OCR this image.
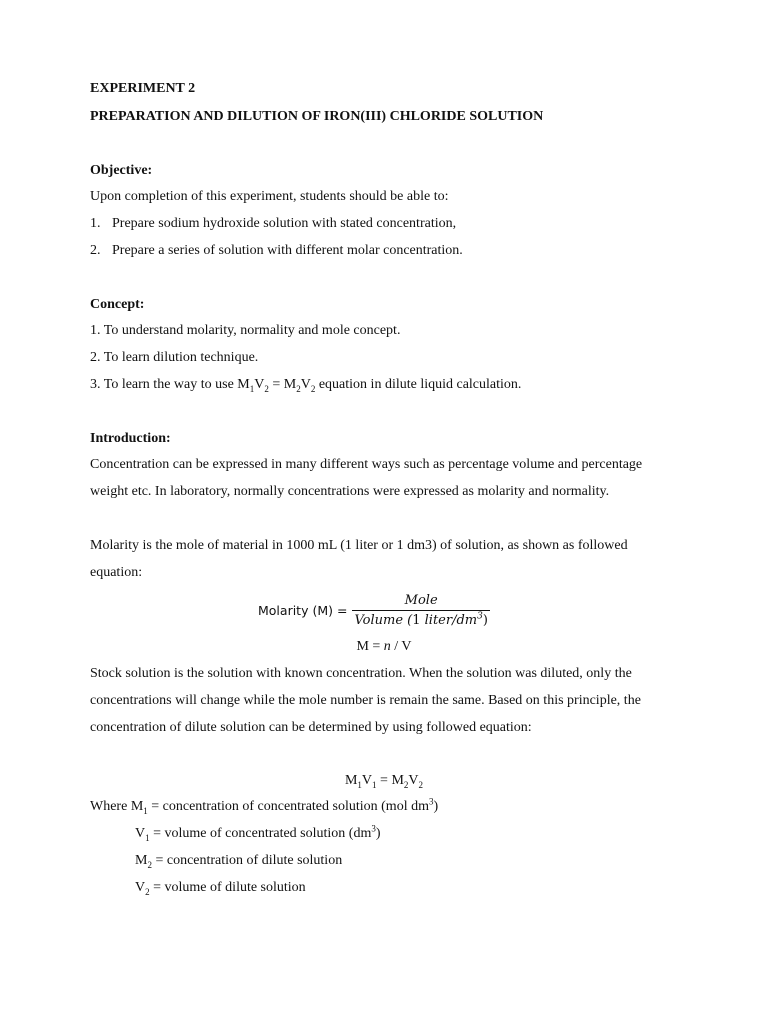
EXPERIMENT 2
PREPARATION AND DILUTION OF IRON(III) CHLORIDE SOLUTION
Objective:
Upon completion of this experiment, students should be able to:
1. Prepare sodium hydroxide solution with stated concentration,
2. Prepare a series of solution with different molar concentration.
Concept:
1. To understand molarity, normality and mole concept.
2. To learn dilution technique.
3. To learn the way to use $M_1V_2 = M_2V_2$ equation in dilute liquid calculation.
Introduction:
Concentration can be expressed in many different ways such as percentage volume and percentage
weight etc. In laboratory, normally concentrations were expressed as molarity and normality.
Molarity is the mole of material in 1000 mL (1 liter or 1 dm3) of solution, as shown as followed
equation:
Molarity $(M) = \frac{\text{Mole}}{Volume (1 liter/dm^3)}$
M = n / V
Stock solution is the solution with known concentration. When the solution was diluted, only the
concentrations will change while the mole number is remain the same. Based on this principle, the
concentration of dilute solution can be determined by using followed equation:
$M_1V_1 = M_2V_2$
Where $M_1$ = concentration of concentrated solution (mol $dm^3$)
$V_1$ = volume of concentrated solution $(dm^3)$
$M_2$ = concentration of dilute solution
$V_2$ = volume of dilute solution
